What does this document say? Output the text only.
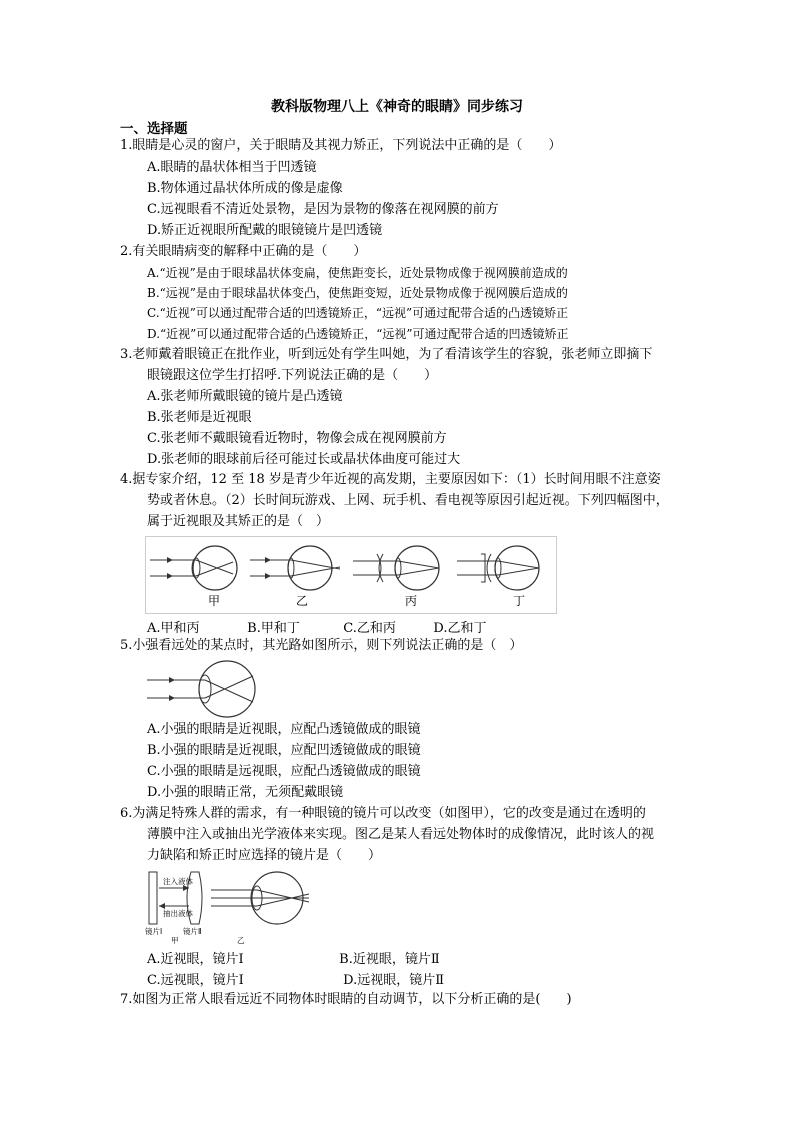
教科版物理八上《神奇的眼睛》同步练习
一、选择题
1.眼睛是心灵的窗户，关于眼睛及其视力矫正，下列说法中正确的是（　　）
A.眼睛的晶状体相当于凹透镜
B.物体通过晶状体所成的像是虚像
C.远视眼看不清近处景物，是因为景物的像落在视网膜的前方
D.矫正近视眼所配戴的眼镜镜片是凹透镜
2.有关眼睛病变的解释中正确的是（　　）
A.“近视”是由于眼球晶状体变扁，使焦距变长，近处景物成像于视网膜前造成的
B.“远视”是由于眼球晶状体变凸，使焦距变短，近处景物成像于视网膜后造成的
C.“近视”可以通过配带合适的凹透镜矫正，“远视”可通过配带合适的凸透镜矫正
D.“近视”可以通过配带合适的凸透镜矫正，“远视”可通过配带合适的凹透镜矫正
3.老师戴着眼镜正在批作业，听到远处有学生叫她，为了看清该学生的容貌，张老师立即摘下
眼镜跟这位学生打招呼.下列说法正确的是（　　）
A.张老师所戴眼镜的镜片是凸透镜
B.张老师是近视眼
C.张老师不戴眼镜看近物时，物像会成在视网膜前方
D.张老师的眼球前后径可能过长或晶状体曲度可能过大
4.据专家介绍，12 至 18 岁是青少年近视的高发期，主要原因如下：（1）长时间用眼不注意姿
势或者休息。（2）长时间玩游戏、上网、玩手机、看电视等原因引起近视。下列四幅图中，
属于近视眼及其矫正的是（　）
甲	乙	丙	丁
A.甲和丙	B.甲和丁	C.乙和丙	D.乙和丁
5.小强看远处的某点时，其光路如图所示，则下列说法正确的是（　）
A.小强的眼睛是近视眼，应配凸透镜做成的眼镜
B.小强的眼睛是近视眼，应配凹透镜做成的眼镜
C.小强的眼睛是远视眼，应配凸透镜做成的眼镜
D.小强的眼睛正常，无须配戴眼镜
6.为满足特殊人群的需求，有一种眼镜的镜片可以改变（如图甲），它的改变是通过在透明的
薄膜中注入或抽出光学液体来实现。图乙是某人看远处物体时的成像情况，此时该人的视
力缺陷和矫正时应选择的镜片是（　　）
注入液体
抽出液体
镜片Ⅰ	镜片Ⅱ
甲	乙
A.近视眼，镜片Ⅰ	B.近视眼，镜片Ⅱ
C.远视眼，镜片Ⅰ	D.远视眼，镜片Ⅱ
7.如图为正常人眼看远近不同物体时眼睛的自动调节，以下分析正确的是(　　)
